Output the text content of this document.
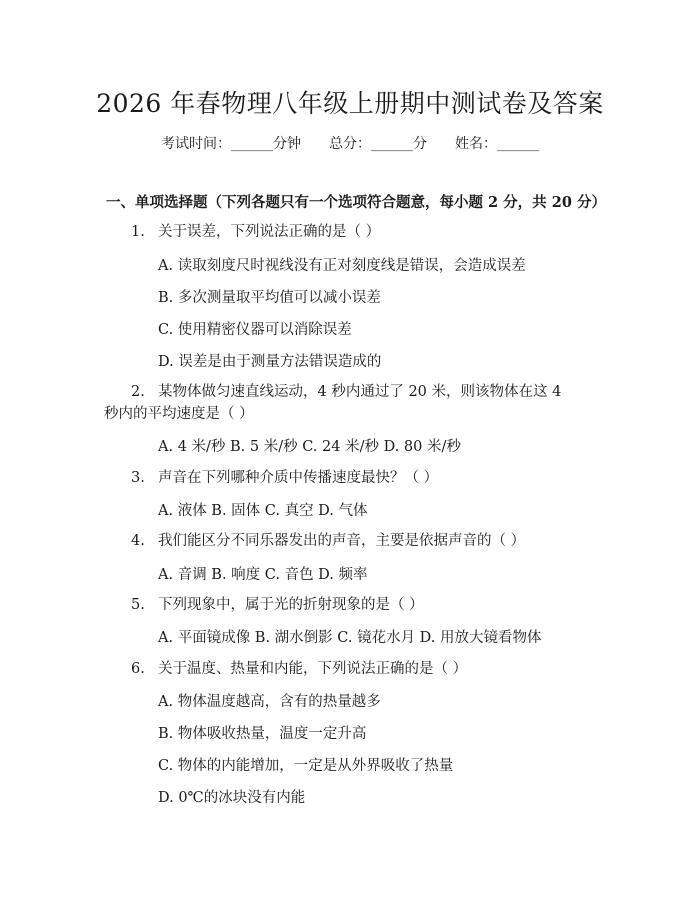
2026 年春物理八年级上册期中测试卷及答案
考试时间：______分钟 总分：______分 姓名：______
一、单项选择题（下列各题只有一个选项符合题意，每小题 2 分，共 20 分）
1. 关于误差，下列说法正确的是（ ）
A. 读取刻度尺时视线没有正对刻度线是错误，会造成误差
B. 多次测量取平均值可以减小误差
C. 使用精密仪器可以消除误差
D. 误差是由于测量方法错误造成的
2. 某物体做匀速直线运动，4 秒内通过了 20 米，则该物体在这 4 秒内的平均速度是（ ）
A. 4 米/秒 B. 5 米/秒 C. 24 米/秒 D. 80 米/秒
3. 声音在下列哪种介质中传播速度最快？（ ）
A. 液体 B. 固体 C. 真空 D. 气体
4. 我们能区分不同乐器发出的声音，主要是依据声音的（ ）
A. 音调 B. 响度 C. 音色 D. 频率
5. 下列现象中，属于光的折射现象的是（ ）
A. 平面镜成像 B. 湖水倒影 C. 镜花水月 D. 用放大镜看物体
6. 关于温度、热量和内能，下列说法正确的是（ ）
A. 物体温度越高，含有的热量越多
B. 物体吸收热量，温度一定升高
C. 物体的内能增加，一定是从外界吸收了热量
D. 0℃的冰块没有内能
